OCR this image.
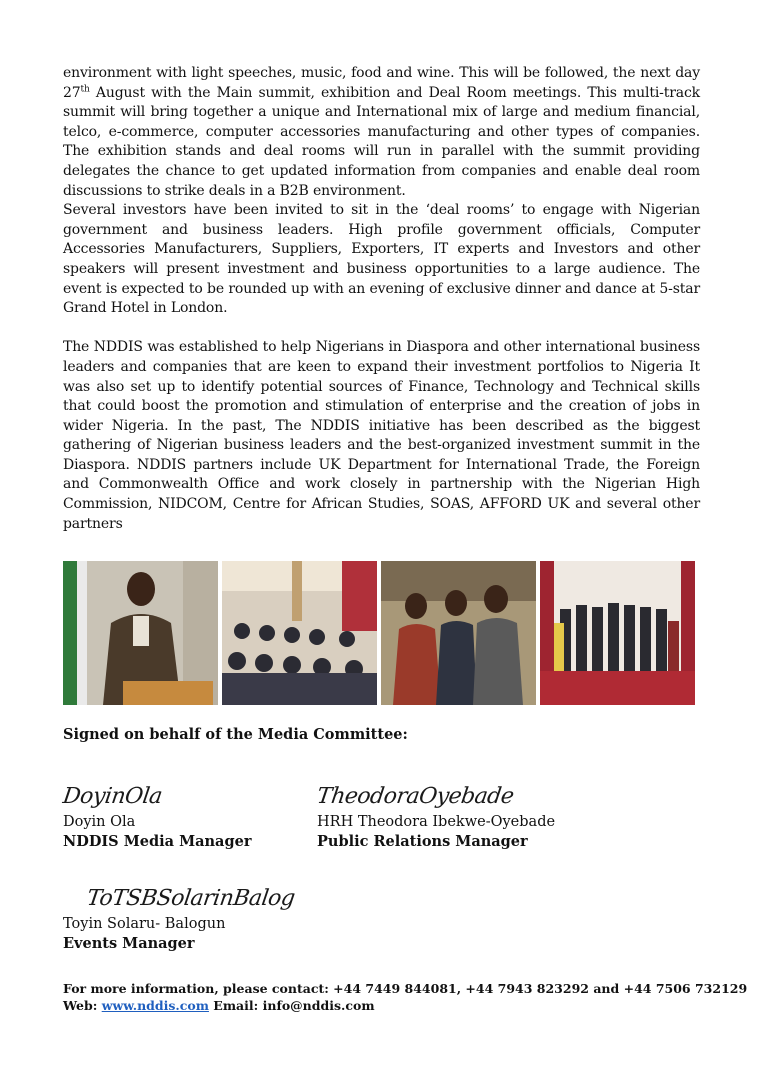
environment with light speeches, music, food and wine. This will be followed, the next day 27th August with the Main summit, exhibition and Deal Room meetings. This multi-track summit will bring together a unique and International mix of large and medium financial, telco, e-commerce, computer accessories manufacturing and other types of companies. The exhibition stands and deal rooms will run in parallel with the summit providing delegates the chance to get updated information from companies and enable deal room discussions to strike deals in a B2B environment.

Several investors have been invited to sit in the ‘deal rooms’ to engage with Nigerian government and business leaders. High profile government officials, Computer Accessories Manufacturers, Suppliers, Exporters, IT experts and Investors and other speakers will present investment and business opportunities to a large audience. The event is expected to be rounded up with an evening of exclusive dinner and dance at 5-star Grand Hotel in London.

The NDDIS was established to help Nigerians in Diaspora and other international business leaders and companies that are keen to expand their investment portfolios to Nigeria It was also set up to identify potential sources of Finance, Technology and Technical skills that could boost the promotion and stimulation of enterprise and the creation of jobs in wider Nigeria. In the past, The NDDIS initiative has been described as the biggest gathering of Nigerian business leaders and the best-organized investment summit in the Diaspora. NDDIS partners include UK Department for International Trade, the Foreign and Commonwealth Office and work closely in partnership with the Nigerian High Commission, NIDCOM, Centre for African Studies, SOAS, AFFORD UK and several other partners

Signed on behalf of the Media Committee:
DoyinOla
Doyin Ola
NDDIS Media Manager
TheodoraOyebade
HRH Theodora Ibekwe-Oyebade
Public Relations Manager
ToTSBSolarinBalog
Toyin Solaru- Balogun
Events Manager
For more information, please contact: +44 7449 844081, +44 7943 823292 and +44 7506 732129
Web: www.nddis.com Email: info@nddis.com
